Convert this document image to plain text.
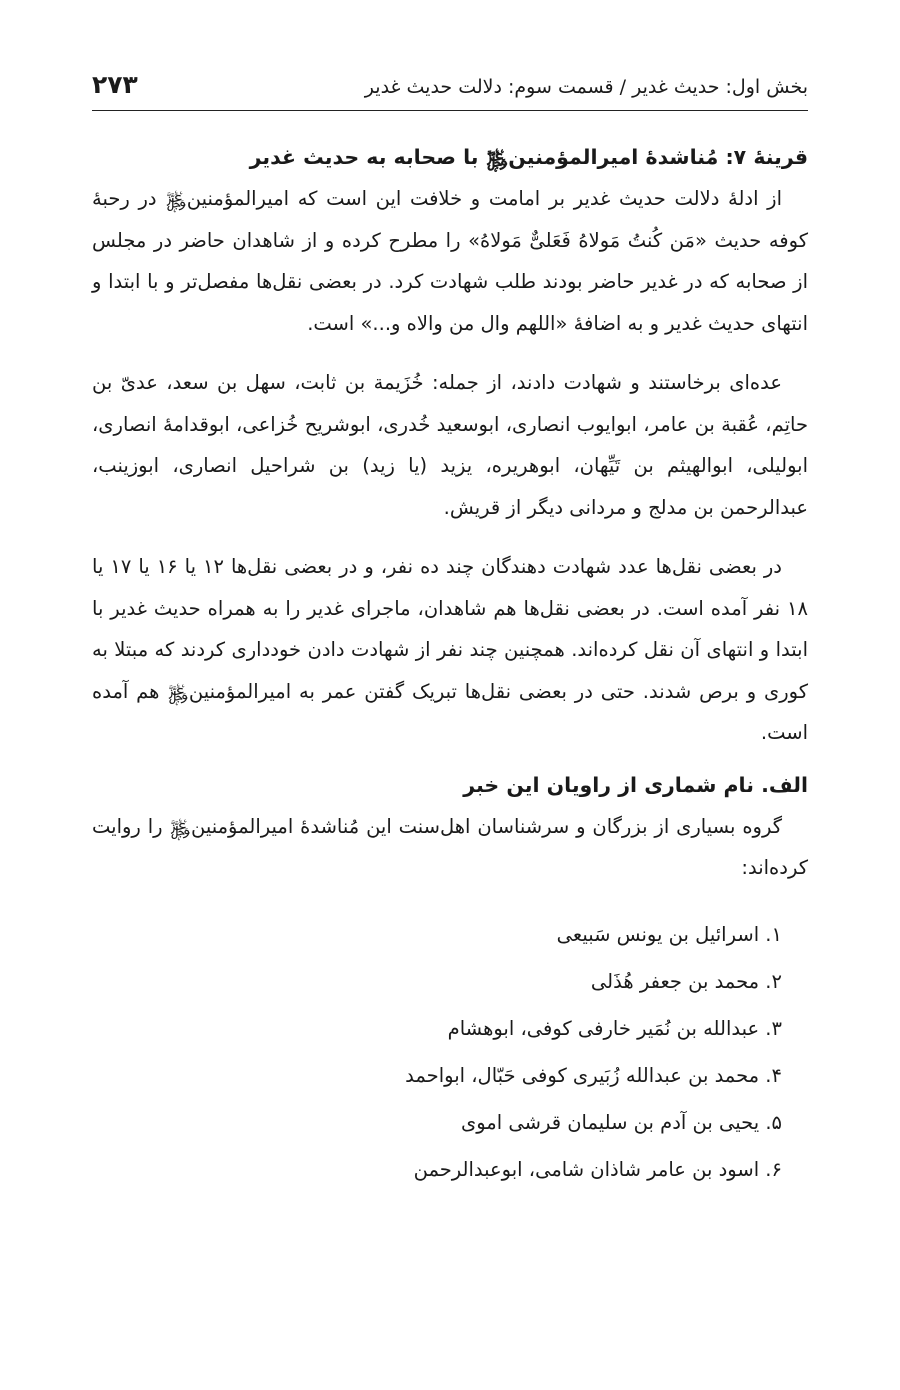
۲۷۳	بخش اول: حدیث غدیر / قسمت سوم: دلالت حدیث غدیر
قرینهٔ ۷: مُناشدهٔ امیرالمؤمنین﷿ با صحابه به حدیث غدیر

از ادلهٔ دلالت حدیث غدیر بر امامت و خلافت این است که امیرالمؤمنین﷿ در رحبهٔ کوفه حدیث «مَن کُنتُ مَولاهُ فَعَلیٌّ مَولاهُ» را مطرح کرده و از شاهدان حاضر در مجلس از صحابه که در غدیر حاضر بودند طلب شهادت کرد. در بعضی نقل‌ها مفصل‌تر و با ابتدا و انتهای حدیث غدیر و به اضافهٔ «اللهم وال من والاه و...» است.

عده‌ای برخاستند و شهادت دادند، از جمله: خُزَیمة بن ثابت، سهل بن سعد، عدیّ بن حاتِم، عُقبة بن عامر، ابوایوب انصاری، ابوسعید خُدری، ابوشریح خُزاعی، ابوقدامهٔ انصاری، ابولیلی، ابوالهیثم بن تَیِّهان، ابوهریره، یزید (یا زید) بن شراحیل انصاری، ابوزینب، عبدالرحمن بن مدلج و مردانی دیگر از قریش.

در بعضی نقل‌ها عدد شهادت دهندگان چند ده نفر، و در بعضی نقل‌ها ۱۲ یا ۱۶ یا ۱۷ یا ۱۸ نفر آمده است. در بعضی نقل‌ها هم شاهدان، ماجرای غدیر را به همراه حدیث غدیر با ابتدا و انتهای آن نقل کرده‌اند. همچنین چند نفر از شهادت دادن خودداری کردند که مبتلا به کوری و برص شدند. حتی در بعضی نقل‌ها تبریک گفتن عمر به امیرالمؤمنین﷿ هم آمده است.

الف. نام شماری از راویان این خبر

گروه بسیاری از بزرگان و سرشناسان اهل‌سنت این مُناشدهٔ امیرالمؤمنین﷿ را روایت کرده‌اند:

۱. اسرائیل بن یونس سَبیعی
۲. محمد بن جعفر هُذَلی
۳. عبدالله بن نُمَیر خارفی کوفی، ابوهشام
۴. محمد بن عبدالله زُبَیری کوفی حَبّال، ابواحمد
۵. یحیی بن آدم بن سلیمان قرشی اموی
۶. اسود بن عامر شاذان شامی، ابوعبدالرحمن
